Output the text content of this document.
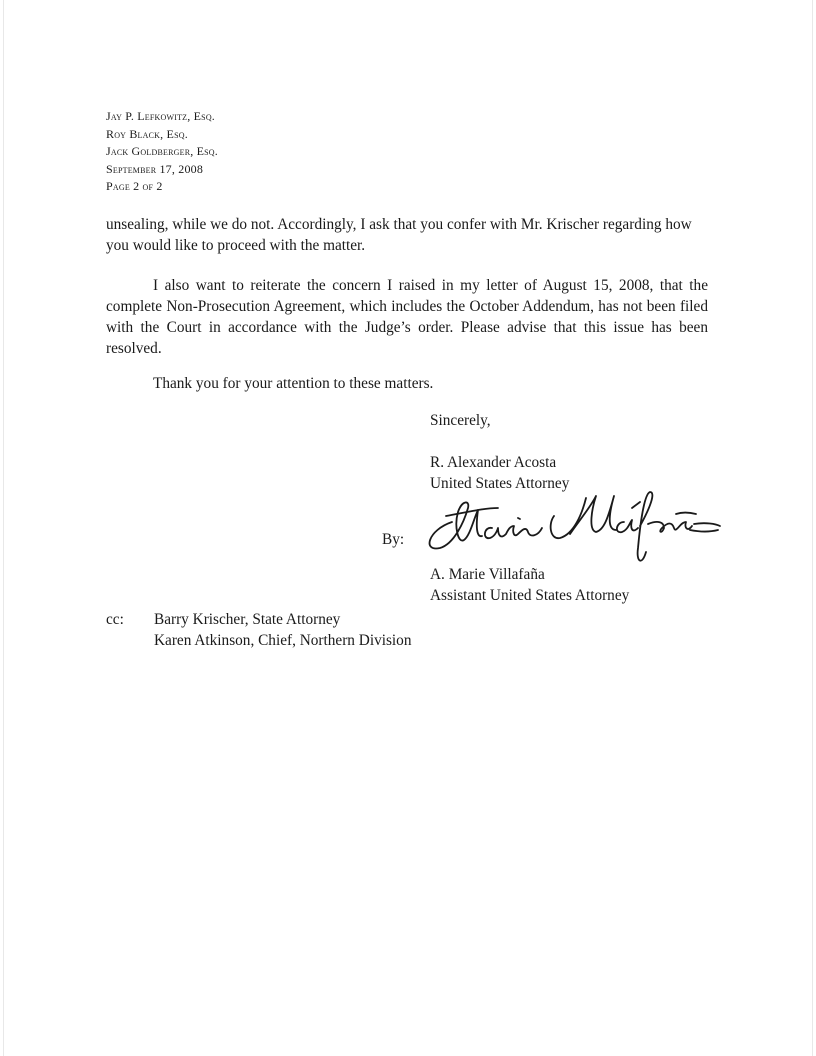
Jay P. Lefkowitz, Esq.
Roy Black, Esq.
Jack Goldberger, Esq.
September 17, 2008
Page 2 of 2
unsealing, while we do not. Accordingly, I ask that you confer with Mr. Krischer regarding how you would like to proceed with the matter.
I also want to reiterate the concern I raised in my letter of August 15, 2008, that the complete Non-Prosecution Agreement, which includes the October Addendum, has not been filed with the Court in accordance with the Judge’s order. Please advise that this issue has been resolved.
Thank you for your attention to these matters.
Sincerely,
R. Alexander Acosta
United States Attorney
By:
A. Marie Villafaña
Assistant United States Attorney
cc: Barry Krischer, State Attorney
Karen Atkinson, Chief, Northern Division
